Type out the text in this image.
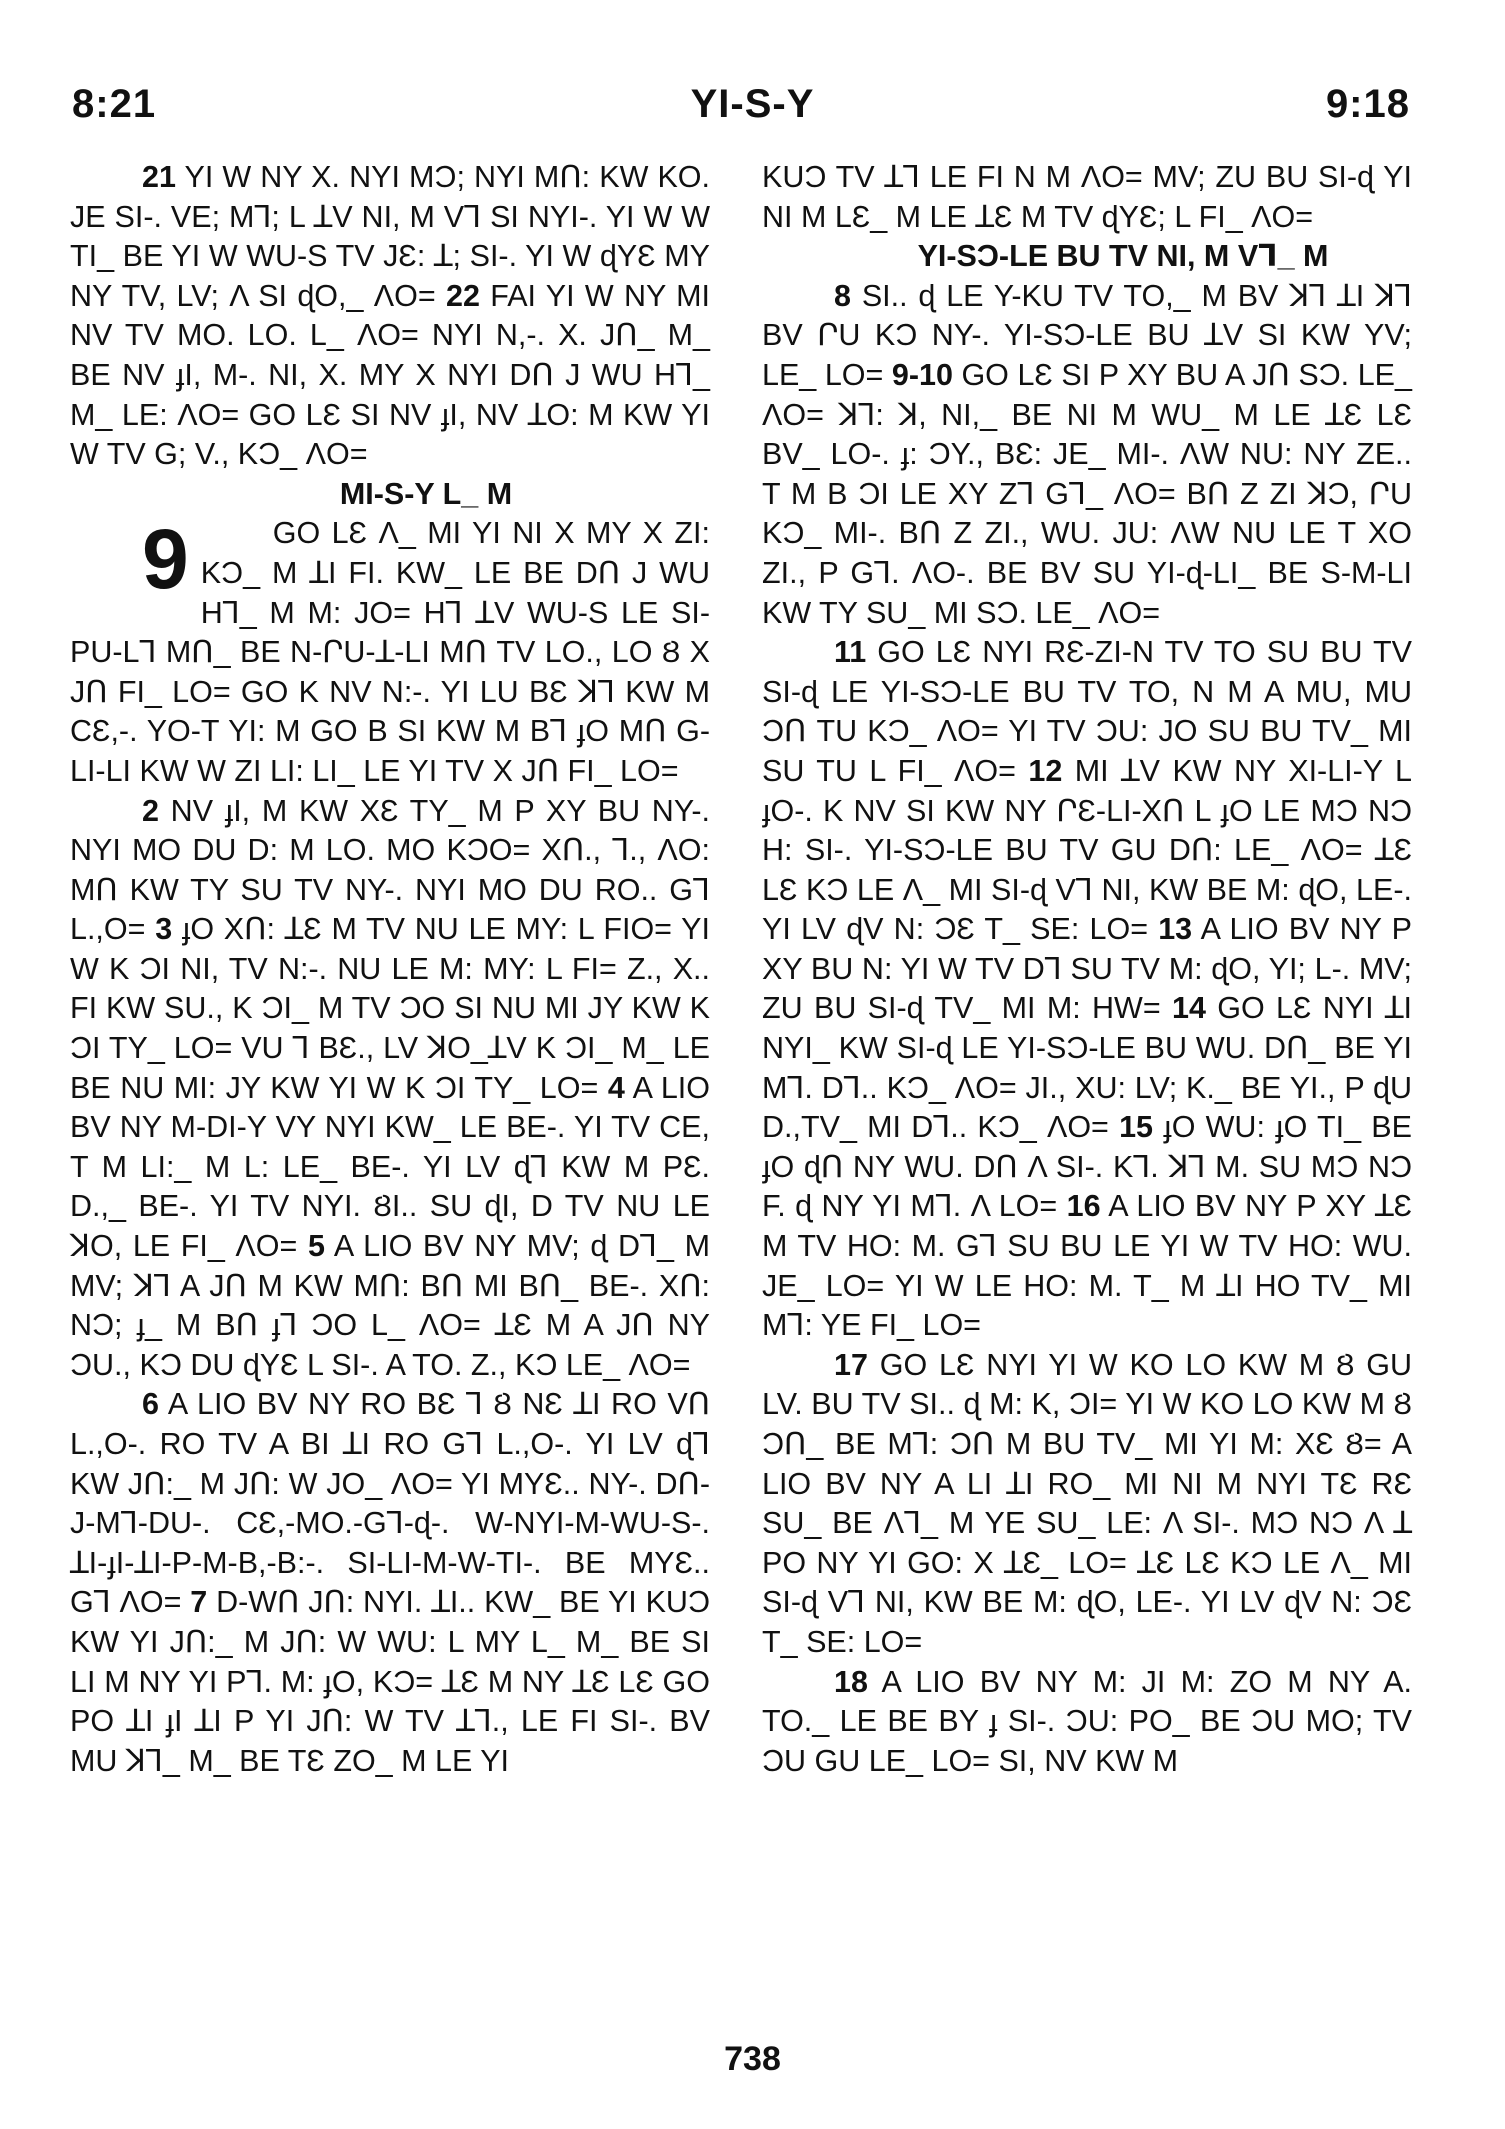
8:21	YI-S-Y	9:18

21 YI W NY X. NYI MƆ; NYI MՈ: KW KO. JE SI-. VE; MꞀ; L ꓕV NI, M VꞀ SI NYI-. YI W W TI_ BE YI W WU-S TV JƐ: ꓕ; SI-. YI W ɖYƐ MY NY TV, LV; Λ SI ɖO,_ ΛO= 22 FAI YI W NY MI NV TV MO. LO. L_ ΛO= NYI N,-. X. JՈ_ M_ BE NV ɟI, M-. NI, X. MY X NYI DՈ J WU HꞀ_ M_ LE: ΛO= GO LƐ SI NV ɟI, NV ꓕO: M KW YI W TV G; V., KƆ_ ΛO=

MI-S-Y L_ M

9	GO LƐ Λ_ MI YI NI X MY X ZI: KƆ_ M ꓕI FI. KW_ LE BE DՈ J WU HꞀ_ M M: JO= HꞀ ꓕV WU-S LE SI-PU-LꞀ MՈ_ BE N-ՐU-ꓕ-LI MՈ TV LO., LO Ȣ X JՈ FI_ LO= GO K NV N:-. YI LU BƐ ꓘꞀ KW M CƐ,-. YO-T YI: M GO B SI KW M BꞀ ɟO MՈ G-LI-LI KW W ZI LI: LI_ LE YI TV X JՈ FI_ LO=

2 NV ɟI, M KW XƐ TY_ M P XY BU NY-. NYI MO DU D: M LO. MO KƆO= XՈ., Ꞁ., ΛO: MՈ KW TY SU TV NY-. NYI MO DU RO.. GꞀ L.,O= 3 ɟO XՈ: ꓕƐ M TV NU LE MY: L FIO= YI W K ƆI NI, TV N:-. NU LE M: MY: L FI= Z., X.. FI KW SU., K ƆI_ M TV ƆO SI NU MI JY KW K ƆI TY_ LO= VU Ꞁ BƐ., LV ꓘO_ꓕV K ƆI_ M_ LE BE NU MI: JY KW YI W K ƆI TY_ LO= 4 A LIO BV NY M-DI-Y VY NYI KW_ LE BE-. YI TV CE, T M LI:_ M L: LE_ BE-. YI LV ɖꞀ KW M PƐ. D.,_ BE-. YI TV NYI. ȢI.. SU ɖI, D TV NU LE ꓘO, LE FI_ ΛO= 5 A LIO BV NY MV; ɖ DꞀ_ M MV; ꓘꞀ A JՈ M KW MՈ: BՈ MI BՈ_ BE-. XՈ: NƆ; ɟ_ M BՈ ɟꞀ ƆO L_ ΛO= ꓕƐ M A JՈ NY ƆU., KƆ DU ɖYƐ L SI-. A TO. Z., KƆ LE_ ΛO=

6 A LIO BV NY RO BƐ Ꞁ Ȣ NƐ ꓕI RO VՈ L.,O-. RO TV A BI ꓕI RO GꞀ L.,O-. YI LV ɖꞀ KW JՈ:_ M JՈ: W JO_ ΛO= YI MYƐ.. NY-. DՈ-J-MꞀ-DU-. CƐ,-MO.-GꞀ-ɖ-. W-NYI-M-WU-S-. ꓕI-ɟI-ꓕI-P-M-B,-B:-. SI-LI-M-W-TI-. BE MYƐ.. GꞀ ΛO= 7 D-WՈ JՈ: NYI. ꓕI.. KW_ BE YI KUƆ KW YI JՈ:_ M JՈ: W WU: L MY L_ M_ BE SI LI M NY YI PꞀ. M: ɟO, KƆ= ꓕƐ M NY ꓕƐ LƐ GO PO ꓕI ɟI ꓕI P YI JՈ: W TV ꓕꞀ., LE FI SI-. BV MU ꓘꞀ_ M_ BE TƐ ZO_ M LE YI

KUƆ TV ꓕꞀ LE FI N M ΛO= MV; ZU BU SI-ɖ YI NI M LƐ_ M LE ꓕƐ M TV ɖYƐ; L FI_ ΛO=

YI-SƆ-LE BU TV NI, M VꞀ_ M

8 SI.. ɖ LE Y-KU TV TO,_ M BV ꓘꞀ ꓕI ꓘꞀ BV ՐU KƆ NY-. YI-SƆ-LE BU ꓕV SI KW YV; LE_ LO= 9-10 GO LƐ SI P XY BU A JՈ SƆ. LE_ ΛO= ꓘꞀ: ꓘ, NI,_ BE NI M WU_ M LE ꓕƐ LƐ BV_ LO-. ɟ: ƆY., BƐ: JE_ MI-. ΛW NU: NY ZE.. T M B ƆI LE XY ZꞀ GꞀ_ ΛO= BՈ Z ZI ꓘƆ, ՐU KƆ_ MI-. BՈ Z ZI., WU. JU: ΛW NU LE T XO ZI., P GꞀ. ΛO-. BE BV SU YI-ɖ-LI_ BE S-M-LI KW TY SU_ MI SƆ. LE_ ΛO=

11 GO LƐ NYI RƐ-ZI-N TV TO SU BU TV SI-ɖ LE YI-SƆ-LE BU TV TO, N M A MU, MU ƆՈ TU KƆ_ ΛO= YI TV ƆU: JO SU BU TV_ MI SU TU L FI_ ΛO= 12 MI ꓕV KW NY XI-LI-Y L ɟO-. K NV SI KW NY ՐƐ-LI-XՈ L ɟO LE MƆ NƆ H: SI-. YI-SƆ-LE BU TV GU DՈ: LE_ ΛO= ꓕƐ LƐ KƆ LE Λ_ MI SI-ɖ VꞀ NI, KW BE M: ɖO, LE-. YI LV ɖV N: ƆƐ T_ SE: LO= 13 A LIO BV NY P XY BU N: YI W TV DꞀ SU TV M: ɖO, YI; L-. MV; ZU BU SI-ɖ TV_ MI M: HW= 14 GO LƐ NYI ꓕI NYI_ KW SI-ɖ LE YI-SƆ-LE BU WU. DՈ_ BE YI MꞀ. DꞀ.. KƆ_ ΛO= JI., XU: LV; K._ BE YI., P ɖU D.,TV_ MI DꞀ.. KƆ_ ΛO= 15 ɟO WU: ɟO TI_ BE ɟO ɖՈ NY WU. DՈ Λ SI-. KꞀ. ꓘꞀ M. SU MƆ NƆ F. ɖ NY YI MꞀ. Λ LO= 16 A LIO BV NY P XY ꓕƐ M TV HO: M. GꞀ SU BU LE YI W TV HO: WU. JE_ LO= YI W LE HO: M. T_ M ꓕI HO TV_ MI MꞀ: YE FI_ LO=

17 GO LƐ NYI YI W KO LO KW M Ȣ GU LV. BU TV SI.. ɖ M: K, ƆI= YI W KO LO KW M Ȣ ƆՈ_ BE MꞀ: ƆՈ M BU TV_ MI YI M: XƐ Ȣ= A LIO BV NY A LI ꓕI RO_ MI NI M NYI TƐ RƐ SU_ BE ΛꞀ_ M YE SU_ LE: Λ SI-. MƆ NƆ Λ ꓕ PO NY YI GO: X ꓕƐ_ LO= ꓕƐ LƐ KƆ LE Λ_ MI SI-ɖ VꞀ NI, KW BE M: ɖO, LE-. YI LV ɖV N: ƆƐ T_ SE: LO=

18 A LIO BV NY M: JI M: ZO M NY A. TO._ LE BE BY ɟ SI-. ƆU: PO_ BE ƆU MO; TV ƆU GU LE_ LO= SI, NV KW M

738
